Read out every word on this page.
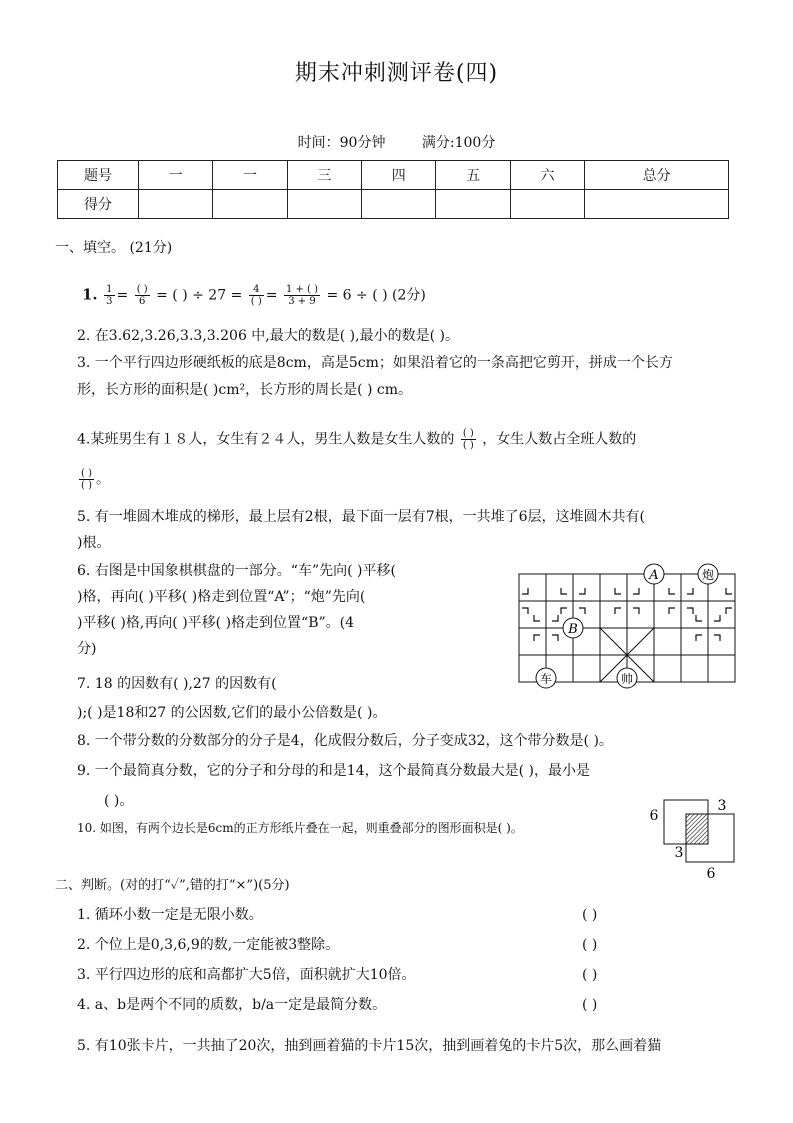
期末冲刺测评卷(四)
时间：90分钟	满分:100分
题号	一	一	三	四	五	六	总分
得分							
一、填空。 (21分)
1. $\frac{1}{3} = \frac{( )}{6}$ = ( ) ÷ $27 = \frac{4}{( )} = \frac{1 + ( )}{3 + 9} = 6$ ÷ ( ) (2分)
2. 在3.62,3.26,3.3,3.206 中,最大的数是( ),最小的数是( )。
3. 一个平行四边形硬纸板的底是8cm，高是5cm；如果沿着它的一条高把它剪开，拼成一个长方
形，长方形的面积是( )cm²，长方形的周长是( ) cm。
4.某班男生有１８人，女生有２４人，男生人数是女生人数的 $\frac{( )}{( )}$ ，女生人数占全班人数的
$\frac{( )}{( )}$ 。
5. 有一堆圆木堆成的梯形，最上层有2根，最下面一层有7根，一共堆了6层，这堆圆木共有(
)根。
6. 右图是中国象棋棋盘的一部分。“车”先向( )平移(
)格，再向( )平移( )格走到位置“A”；“炮”先向(
)平移( )格,再向( )平移( )格走到位置“B”。(4
分)
A	炮
B
车	帅
7. 18 的因数有( ),27 的因数有(
);( )是18和27 的公因数,它们的最小公倍数是( )。
8. 一个带分数的分数部分的分子是4，化成假分数后，分子变成32，这个带分数是( )。
9. 一个最简真分数，它的分子和分母的和是14，这个最简真分数最大是( )，最小是
( )。
10. 如图，有两个边长是6cm的正方形纸片叠在一起，则重叠部分的图形面积是( )。
6
3
3
6
二、判断。(对的打“✓”,错的打“×”)(5分)
1. 循环小数一定是无限小数。	( )
2. 个位上是0,3,6,9的数,一定能被3整除。	( )
3. 平行四边形的底和高都扩大5倍，面积就扩大10倍。	( )
4. a、b是两个不同的质数，b/a一定是最简分数。	( )
5. 有10张卡片，一共抽了20次，抽到画着猫的卡片15次，抽到画着兔的卡片5次，那么画着猫
